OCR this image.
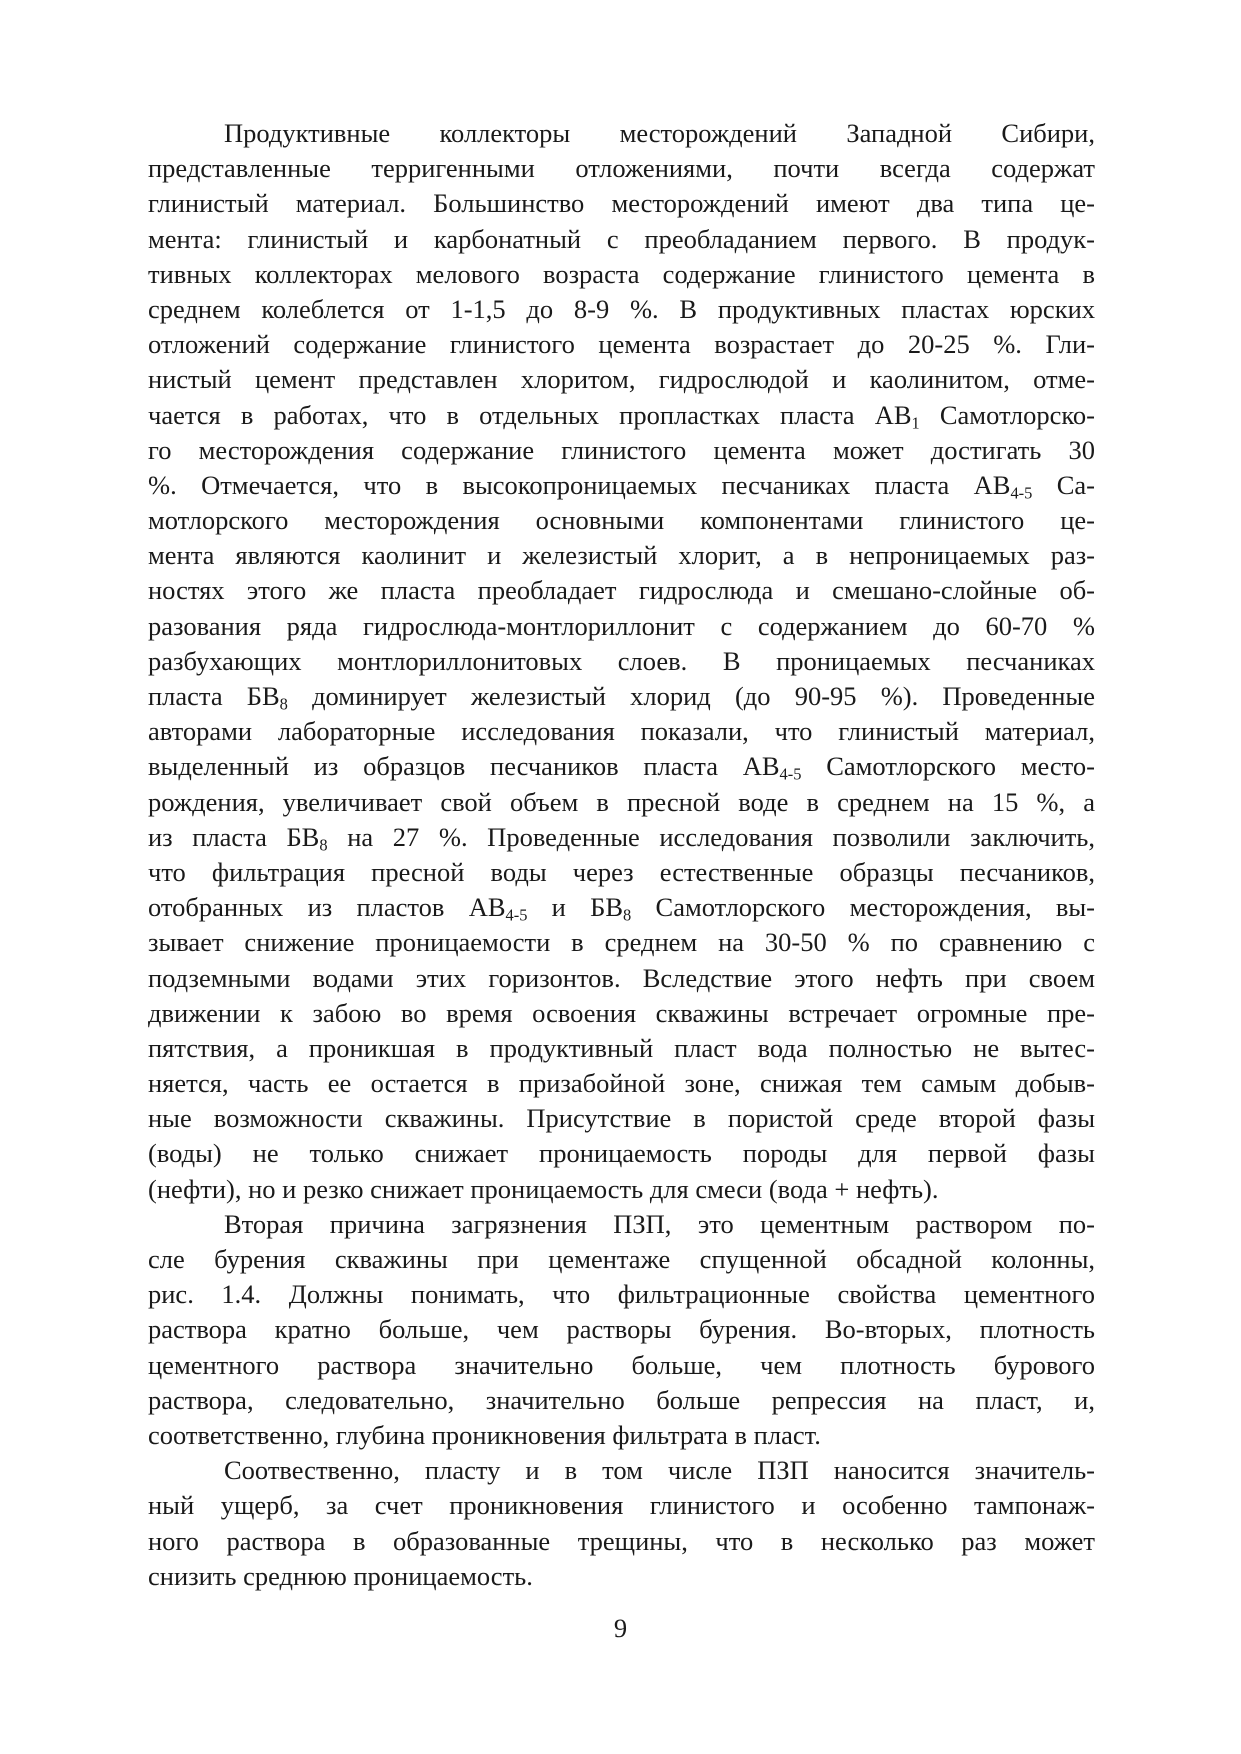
Продуктивные коллекторы месторождений Западной Сибири,
представленные терригенными отложениями, почти всегда содержат
глинистый материал. Большинство месторождений имеют два типа це-
мента: глинистый и карбонатный с преобладанием первого. В продук-
тивных коллекторах мелового возраста содержание глинистого цемента в
среднем колеблется от 1-1,5 до 8-9 %. В продуктивных пластах юрских
отложений содержание глинистого цемента возрастает до 20-25 %. Гли-
нистый цемент представлен хлоритом, гидрослюдой и каолинитом, отме-
чается в работах, что в отдельных пропластках пласта $АВ_1$ Самотлорско-
го месторождения содержание глинистого цемента может достигать 30
%. Отмечается, что в высокопроницаемых песчаниках пласта $АВ_{4-5}$ Са-
мотлорского месторождения основными компонентами глинистого це-
мента являются каолинит и железистый хлорит, а в непроницаемых раз-
ностях этого же пласта преобладает гидрослюда и смешано-слойные об-
разования ряда гидрослюда-монтлориллонит с содержанием до 60-70 %
разбухающих монтлориллонитовых слоев. В проницаемых песчаниках
пласта $БВ_8$ доминирует железистый хлорид (до 90-95 %). Проведенные
авторами лабораторные исследования показали, что глинистый материал,
выделенный из образцов песчаников пласта $АВ_{4-5}$ Самотлорского место-
рождения, увеличивает свой объем в пресной воде в среднем на 15 %, а
из пласта $БВ_8$ на 27 %. Проведенные исследования позволили заключить,
что фильтрация пресной воды через естественные образцы песчаников,
отобранных из пластов $АВ_{4-5}$ и $БВ_8$ Самотлорского месторождения, вы-
зывает снижение проницаемости в среднем на 30-50 % по сравнению с
подземными водами этих горизонтов. Вследствие этого нефть при своем
движении к забою во время освоения скважины встречает огромные пре-
пятствия, а проникшая в продуктивный пласт вода полностью не вытес-
няется, часть ее остается в призабойной зоне, снижая тем самым добыв-
ные возможности скважины. Присутствие в пористой среде второй фазы
(воды) не только снижает проницаемость породы для первой фазы
(нефти), но и резко снижает проницаемость для смеси (вода + нефть).
Вторая причина загрязнения ПЗП, это цементным раствором по-
сле бурения скважины при цементаже спущенной обсадной колонны,
рис. 1.4. Должны понимать, что фильтрационные свойства цементного
раствора кратно больше, чем растворы бурения. Во-вторых, плотность
цементного раствора значительно больше, чем плотность бурового
раствора, следовательно, значительно больше репрессия на пласт, и,
соответственно, глубина проникновения фильтрата в пласт.
Соотвественно, пласту и в том числе ПЗП наносится значитель-
ный ущерб, за счет проникновения глинистого и особенно тампонаж-
ного раствора в образованные трещины, что в несколько раз может
снизить среднюю проницаемость.
9
